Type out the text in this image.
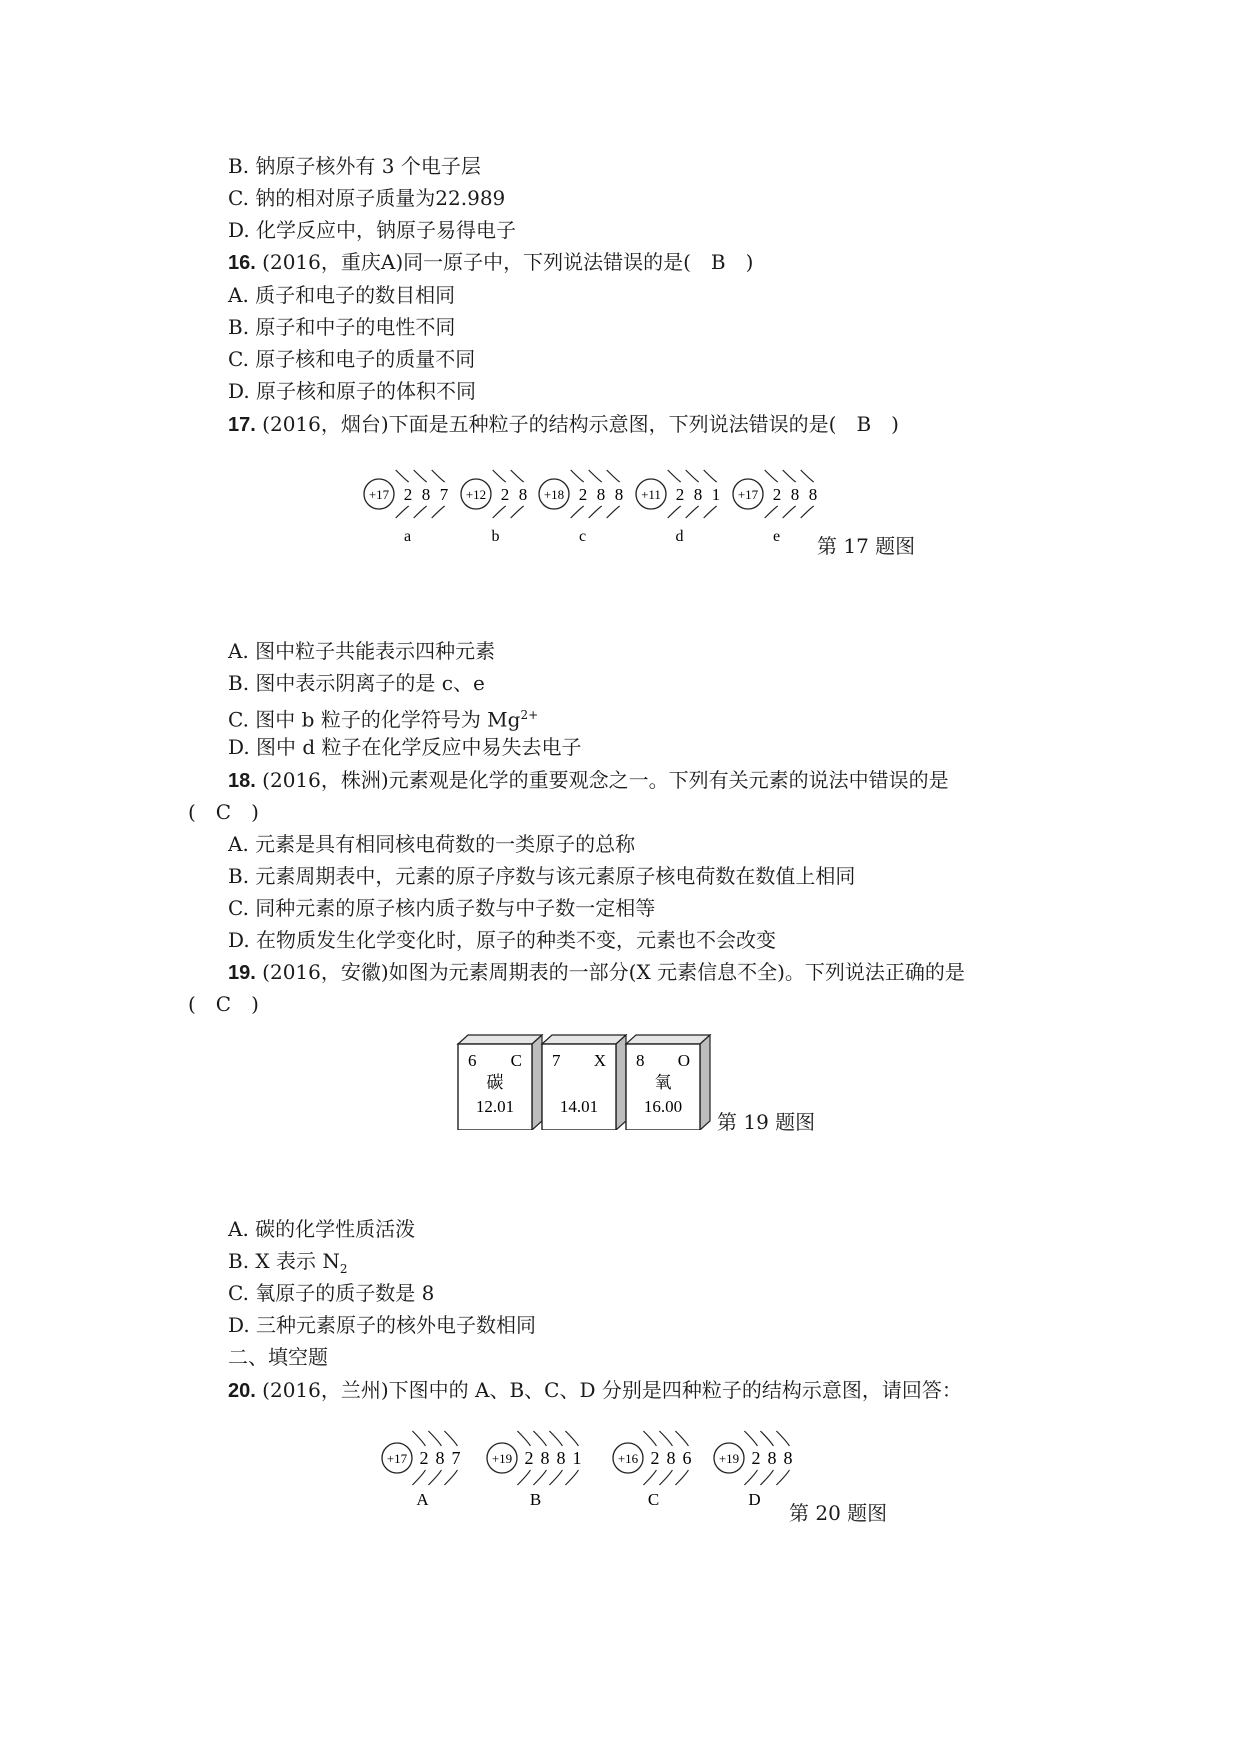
B. 钠原子核外有 3 个电子层
C. 钠的相对原子质量为22.989
D. 化学反应中，钠原子易得电子
16. (2016，重庆A)同一原子中，下列说法错误的是(　B　)
A. 质子和电子的数目相同
B. 原子和中子的电性不同
C. 原子核和电子的质量不同
D. 原子核和原子的体积不同
17. (2016，烟台)下面是五种粒子的结构示意图，下列说法错误的是(　B　)
+17 2 8 7
a
+12 2 8
b
+18 2 8 8
c
+11 2 8 1
d
+17 2 8 8
e 第 17 题图
A. 图中粒子共能表示四种元素
B. 图中表示阴离子的是 c、e
C. 图中 b 粒子的化学符号为 $Mg^{2+}$
D. 图中 d 粒子在化学反应中易失去电子
18. (2016，株洲)元素观是化学的重要观念之一。下列有关元素的说法中错误的是
(　C　)
A. 元素是具有相同核电荷数的一类原子的总称
B. 元素周期表中，元素的原子序数与该元素原子核电荷数在数值上相同
C. 同种元素的原子核内质子数与中子数一定相等
D. 在物质发生化学变化时，原子的种类不变，元素也不会改变
19. (2016，安徽)如图为元素周期表的一部分(X 元素信息不全)。下列说法正确的是
(　C　)
6 C
碳
12.01
7 X
14.01
8 O
氧
16.00
第 19 题图
A. 碳的化学性质活泼
B. X 表示 $N_2$
C. 氧原子的质子数是 8
D. 三种元素原子的核外电子数相同
二、填空题
20. (2016，兰州)下图中的 A、B、C、D 分别是四种粒子的结构示意图，请回答：
+17 2 8 7
A
+19 2 8 8 1
B
+16 2 8 6
C
+19 2 8 8
D
第 20 题图
